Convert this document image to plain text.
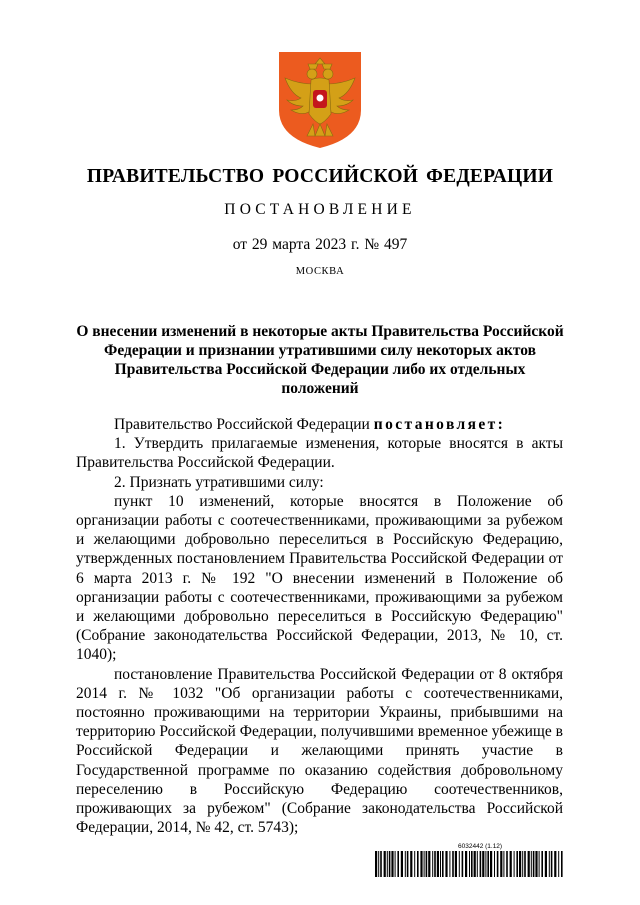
ПРАВИТЕЛЬСТВО РОССИЙСКОЙ ФЕДЕРАЦИИ
ПОСТАНОВЛЕНИЕ
от 29 марта 2023 г. № 497
МОСКВА
О внесении изменений в некоторые акты Правительства Российской Федерации и признании утратившими силу некоторых актов Правительства Российской Федерации либо их отдельных положений

Правительство Российской Федерации постановляет:

1. Утвердить прилагаемые изменения, которые вносятся в акты Правительства Российской Федерации.

2. Признать утратившими силу:

пункт 10 изменений, которые вносятся в Положение об организации работы с соотечественниками, проживающими за рубежом и желающими добровольно переселиться в Российскую Федерацию, утвержденных постановлением Правительства Российской Федерации от 6 марта 2013 г. № 192 "О внесении изменений в Положение об организации работы с соотечественниками, проживающими за рубежом и желающими добровольно переселиться в Российскую Федерацию" (Собрание законодательства Российской Федерации, 2013, № 10, ст. 1040);

постановление Правительства Российской Федерации от 8 октября 2014 г. № 1032 "Об организации работы с соотечественниками, постоянно проживающими на территории Украины, прибывшими на территорию Российской Федерации, получившими временное убежище в Российской Федерации и желающими принять участие в Государственной программе по оказанию содействия добровольному переселению в Российскую Федерацию соотечественников, проживающих за рубежом" (Собрание законодательства Российской Федерации, 2014, № 42, ст. 5743);

6032442 (1.12)
